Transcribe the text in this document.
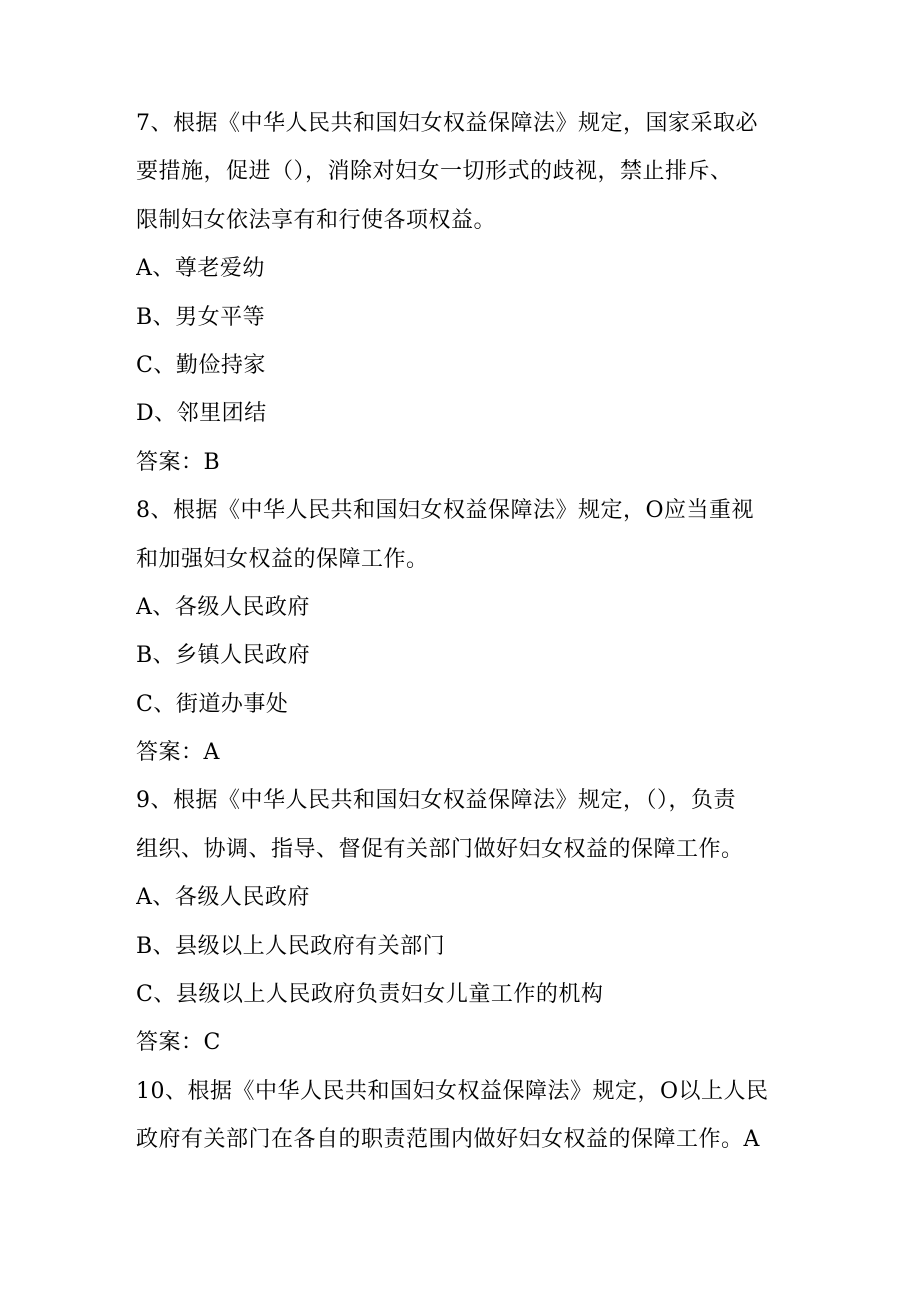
7、根据《中华人民共和国妇女权益保障法》规定，国家采取必
要措施，促进（），消除对妇女一切形式的歧视，禁止排斥、
限制妇女依法享有和行使各项权益。
A、尊老爱幼
B、男女平等
C、勤俭持家
D、邻里团结
答案：B
8、根据《中华人民共和国妇女权益保障法》规定，O应当重视
和加强妇女权益的保障工作。
A、各级人民政府
B、乡镇人民政府
C、街道办事处
答案：A
9、根据《中华人民共和国妇女权益保障法》规定，（），负责
组织、协调、指导、督促有关部门做好妇女权益的保障工作。
A、各级人民政府
B、县级以上人民政府有关部门
C、县级以上人民政府负责妇女儿童工作的机构
答案：C
10、根据《中华人民共和国妇女权益保障法》规定，O以上人民
政府有关部门在各自的职责范围内做好妇女权益的保障工作。A
